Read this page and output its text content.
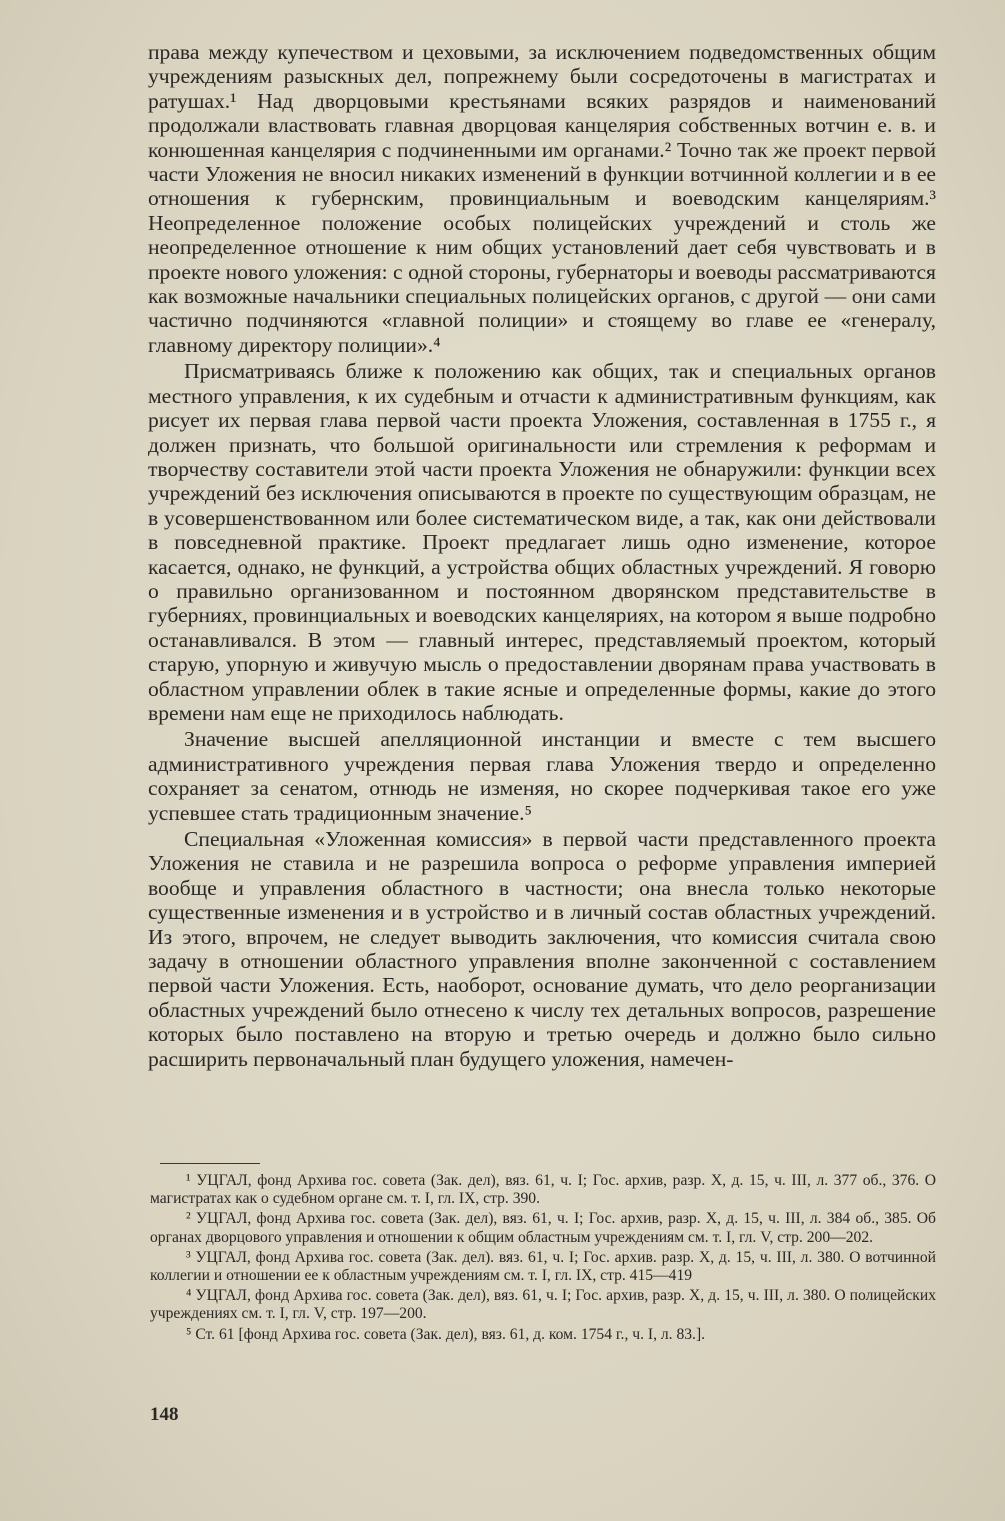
права между купечеством и цеховыми, за исключением подведомственных общим учреждениям разыскных дел, попрежнему были сосредоточены в магистратах и ратушах.¹ Над дворцовыми крестьянами всяких разрядов и наименований продолжали властвовать главная дворцовая канцелярия собственных вотчин е. в. и конюшенная канцелярия с подчиненными им органами.² Точно так же проект первой части Уложения не вносил никаких изменений в функции вотчинной коллегии и в ее отношения к губернским, провинциальным и воеводским канцеляриям.³ Неопределенное положение особых полицейских учреждений и столь же неопределенное отношение к ним общих установлений дает себя чувствовать и в проекте нового уложения: с одной стороны, губернаторы и воеводы рассматриваются как возможные начальники специальных полицейских органов, с другой — они сами частично подчиняются «главной полиции» и стоящему во главе ее «генералу, главному директору полиции».⁴

Присматриваясь ближе к положению как общих, так и специальных органов местного управления, к их судебным и отчасти к административным функциям, как рисует их первая глава первой части проекта Уложения, составленная в 1755 г., я должен признать, что большой оригинальности или стремления к реформам и творчеству составители этой части проекта Уложения не обнаружили: функции всех учреждений без исключения описываются в проекте по существующим образцам, не в усовершенствованном или более систематическом виде, а так, как они действовали в повседневной практике. Проект предлагает лишь одно изменение, которое касается, однако, не функций, а устройства общих областных учреждений. Я говорю о правильно организованном и постоянном дворянском представительстве в губерниях, провинциальных и воеводских канцеляриях, на котором я выше подробно останавливался. В этом — главный интерес, представляемый проектом, который старую, упорную и живучую мысль о предоставлении дворянам права участвовать в областном управлении облек в такие ясные и определенные формы, какие до этого времени нам еще не приходилось наблюдать.

Значение высшей апелляционной инстанции и вместе с тем высшего административного учреждения первая глава Уложения твердо и определенно сохраняет за сенатом, отнюдь не изменяя, но скорее подчеркивая такое его уже успевшее стать традиционным значение.⁵

Специальная «Уложенная комиссия» в первой части представленного проекта Уложения не ставила и не разрешила вопроса о реформе управления империей вообще и управления областного в частности; она внесла только некоторые существенные изменения и в устройство и в личный состав областных учреждений. Из этого, впрочем, не следует выводить заключения, что комиссия считала свою задачу в отношении областного управления вполне законченной с составлением первой части Уложения. Есть, наоборот, основание думать, что дело реорганизации областных учреждений было отнесено к числу тех детальных вопросов, разрешение которых было поставлено на вторую и третью очередь и должно было сильно расширить первоначальный план будущего уложения, намечен-

¹ УЦГАЛ, фонд Архива гос. совета (Зак. дел), вяз. 61, ч. I; Гос. архив, разр. X, д. 15, ч. III, л. 377 об., 376. О магистратах как о судебном органе см. т. I, гл. IX, стр. 390.

² УЦГАЛ, фонд Архива гос. совета (Зак. дел), вяз. 61, ч. I; Гос. архив, разр. X, д. 15, ч. III, л. 384 об., 385. Об органах дворцового управления и отношении к общим областным учреждениям см. т. I, гл. V, стр. 200—202.

³ УЦГАЛ, фонд Архива гос. совета (Зак. дел). вяз. 61, ч. I; Гос. архив. разр. X, д. 15, ч. III, л. 380. О вотчинной коллегии и отношении ее к областным учреждениям см. т. I, гл. IX, стр. 415—419

⁴ УЦГАЛ, фонд Архива гос. совета (Зак. дел), вяз. 61, ч. I; Гос. архив, разр. X, д. 15, ч. III, л. 380. О полицейских учреждениях см. т. I, гл. V, стр. 197—200.

⁵ Ст. 61 [фонд Архива гос. совета (Зак. дел), вяз. 61, д. ком. 1754 г., ч. I, л. 83.].

148
